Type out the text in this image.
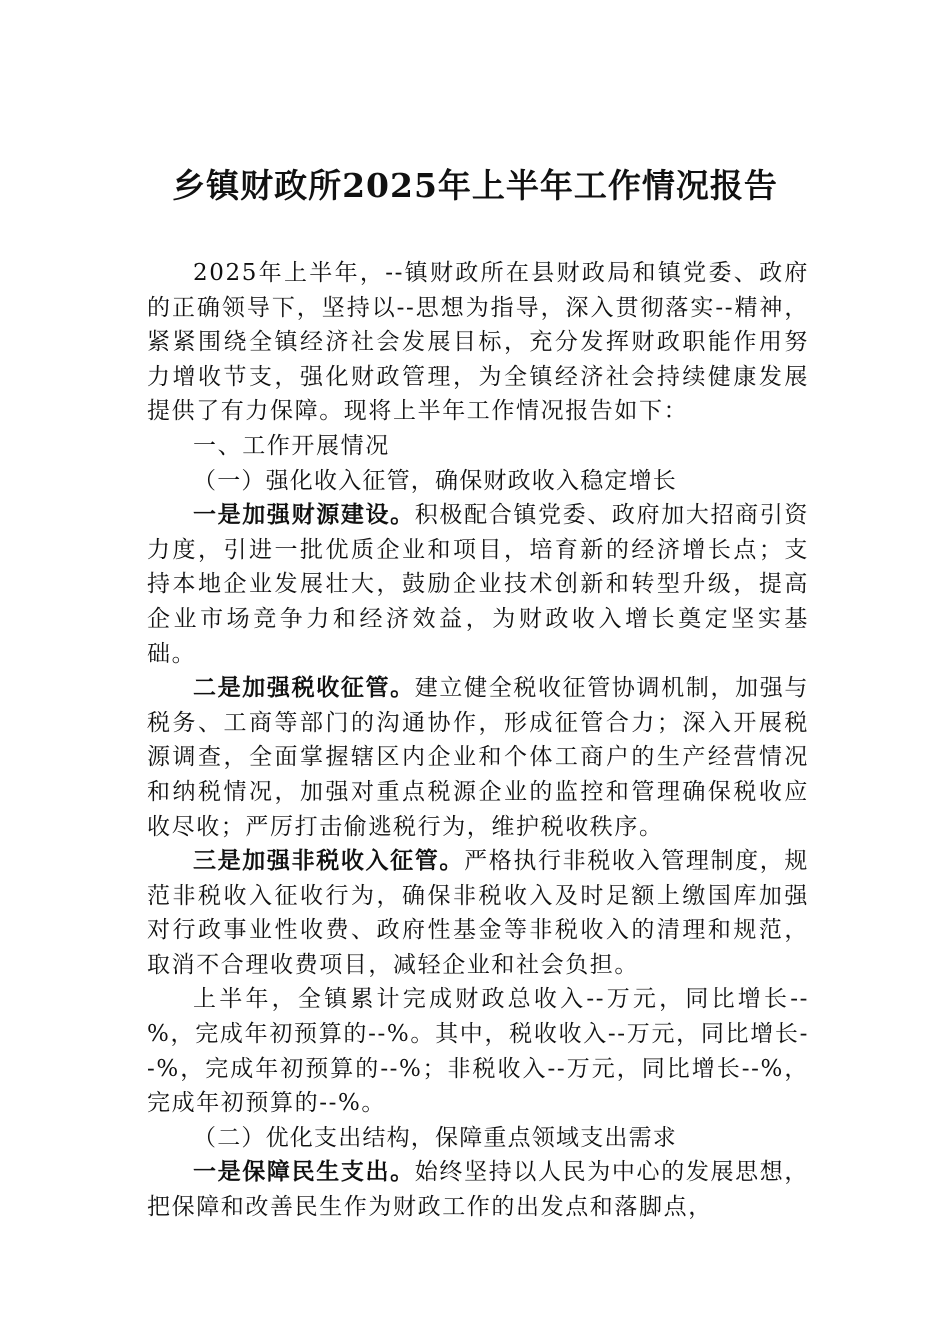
乡镇财政所2025年上半年工作情况报告

2025年上半年，--镇财政所在县财政局和镇党委、政府的正确领导下，坚持以--思想为指导，深入贯彻落实--精神，紧紧围绕全镇经济社会发展目标，充分发挥财政职能作用努力增收节支，强化财政管理，为全镇经济社会持续健康发展提供了有力保障。现将上半年工作情况报告如下：

一、工作开展情况

（一）强化收入征管，确保财政收入稳定增长

一是加强财源建设。积极配合镇党委、政府加大招商引资力度，引进一批优质企业和项目，培育新的经济增长点；支持本地企业发展壮大，鼓励企业技术创新和转型升级，提高企业市场竞争力和经济效益，为财政收入增长奠定坚实基础。

二是加强税收征管。建立健全税收征管协调机制，加强与税务、工商等部门的沟通协作，形成征管合力；深入开展税源调查，全面掌握辖区内企业和个体工商户的生产经营情况和纳税情况，加强对重点税源企业的监控和管理确保税收应收尽收；严厉打击偷逃税行为，维护税收秩序。

三是加强非税收入征管。严格执行非税收入管理制度，规范非税收入征收行为，确保非税收入及时足额上缴国库加强对行政事业性收费、政府性基金等非税收入的清理和规范，取消不合理收费项目，减轻企业和社会负担。

上半年，全镇累计完成财政总收入--万元，同比增长--%，完成年初预算的--%。其中，税收收入--万元，同比增长--%，完成年初预算的--%；非税收入--万元，同比增长--%，完成年初预算的--%。

（二）优化支出结构，保障重点领域支出需求

一是保障民生支出。始终坚持以人民为中心的发展思想，把保障和改善民生作为财政工作的出发点和落脚点，
